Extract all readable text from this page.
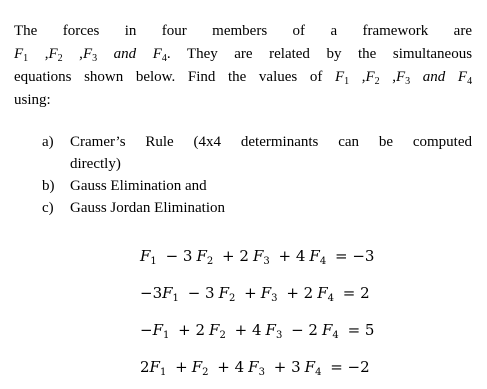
The forces in four members of a framework are
$F_1$ $,F_2$ $,F_3$ and $F_4$. They are related by the simultaneous
equations shown below. Find the values of $F_1$ $,F_2$ $,F_3$ and $F_4$
using:
a)	Cramer’s Rule (4x4 determinants can be computed
directly)
b)	Gauss Elimination and
c)	Gauss Jordan Elimination
$F_1 - 3$ $F_2 + 2$ $F_3 + 4$ $F_4 = -3$
$-3F_1 - 3$ $F_2 + F_3 + 2$ $F_4 = 2$
$-F_1 + 2$ $F_2 + 4$ $F_3 - 2$ $F_4 = 5$
$2F_1 + F_2 + 4$ $F_3 + 3$ $F_4 = -2$
